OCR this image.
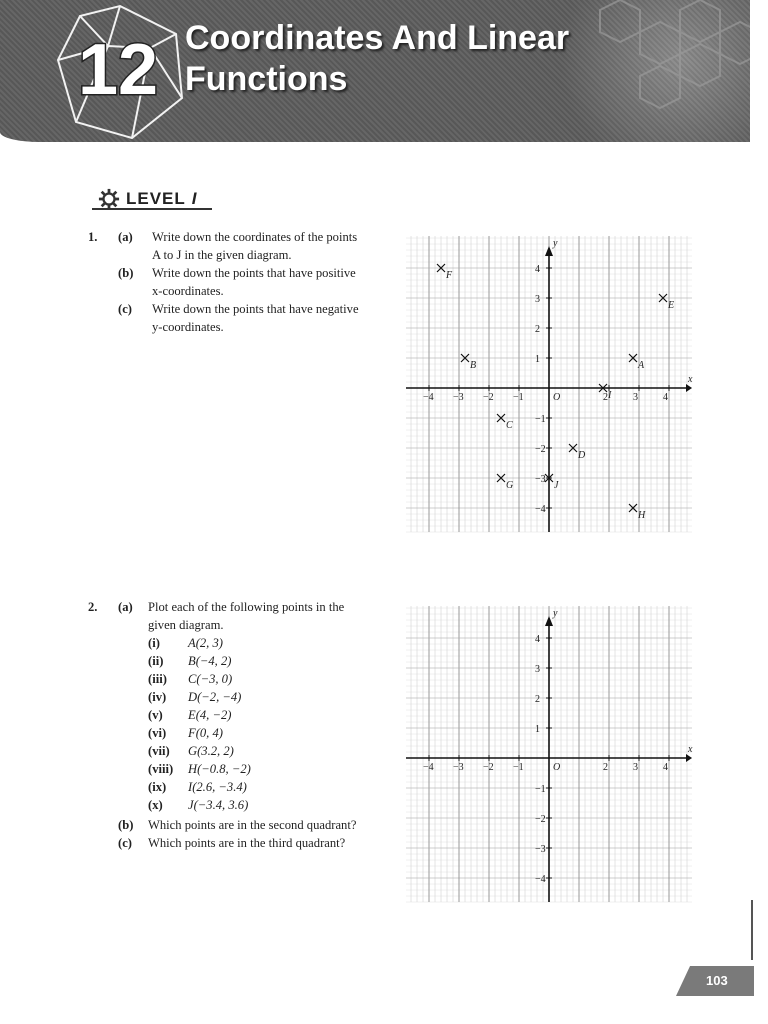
12 Coordinates And Linear
Functions
LEVEL I
1. (a) Write down the coordinates of the points
A to J in the given diagram.
(b) Write down the points that have positive
x-coordinates.
(c) Write down the points that have negative
y-coordinates.
x
y
O
−4 −3 −2 −1	2	3	4
4
3
2
1
−1
−2
−3
−4
A
B
C
D
E
F
G
H
I
J
2. (a) Plot each of the following points in the
given diagram.
(i) A(2, 3)
(ii) B(−4, 2)
(iii) C(−3, 0)
(iv) D(−2, −4)
(v) E(4, −2)
(vi) F(0, 4)
(vii) G(3.2, 2)
(viii) H(−0.8, −2)
(ix) I(2.6, −3.4)
(x) J(−3.4, 3.6)
(b) Which points are in the second quadrant?
(c) Which points are in the third quadrant?
x
y
O
−4 −3 −2 −1	2	3	4
4
3
2
1
−1
−2
−3
−4
103
